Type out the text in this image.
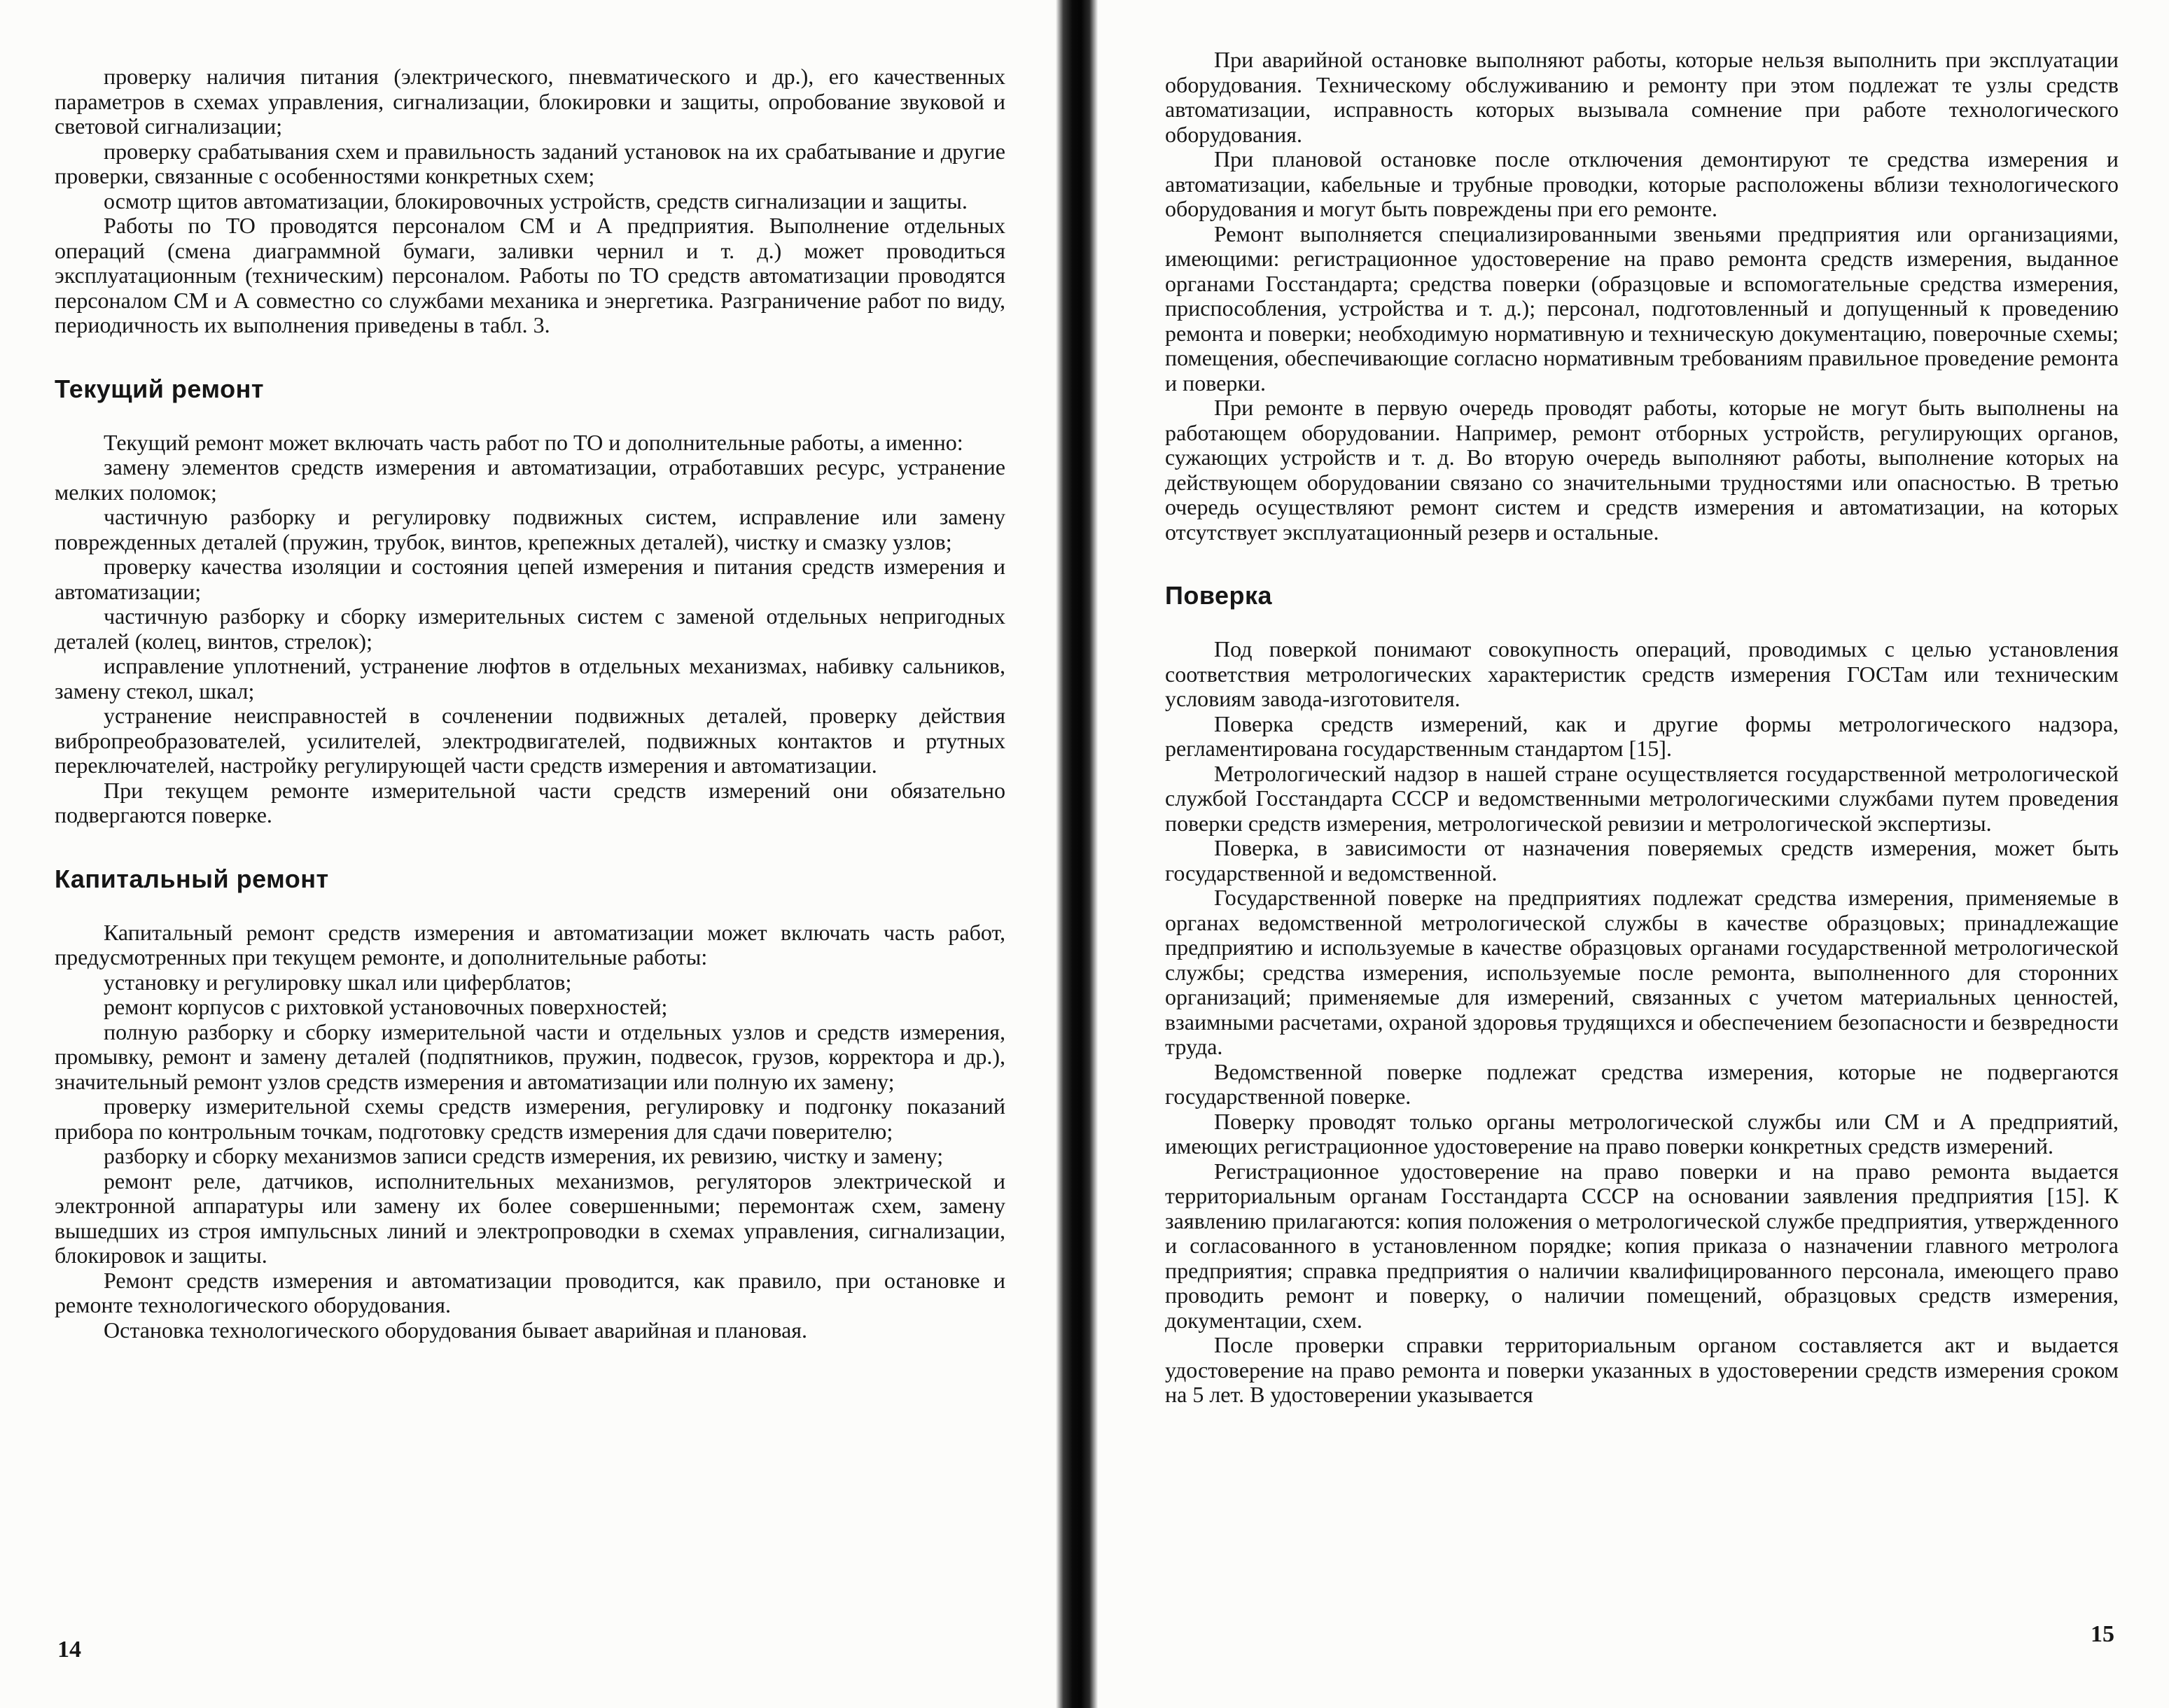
проверку наличия питания (электрического, пневматического и др.), его качественных параметров в схемах управления, сигнализации, блокировки и защиты, опробование звуковой и световой сигнализации;

проверку срабатывания схем и правильность заданий установок на их срабатывание и другие проверки, связанные с особенностями конкретных схем;

осмотр щитов автоматизации, блокировочных устройств, средств сигнализации и защиты.

Работы по ТО проводятся персоналом СМ и А предприятия. Выполнение отдельных операций (смена диаграммной бумаги, заливки чернил и т. д.) может проводиться эксплуатационным (техническим) персоналом. Работы по ТО средств автоматизации проводятся персоналом СМ и А совместно со службами механика и энергетика. Разграничение работ по виду, периодичность их выполнения приведены в табл. 3.

Текущий ремонт

Текущий ремонт может включать часть работ по ТО и дополнительные работы, а именно:

замену элементов средств измерения и автоматизации, отработавших ресурс, устранение мелких поломок;

частичную разборку и регулировку подвижных систем, исправление или замену поврежденных деталей (пружин, трубок, винтов, крепежных деталей), чистку и смазку узлов;

проверку качества изоляции и состояния цепей измерения и питания средств измерения и автоматизации;

частичную разборку и сборку измерительных систем с заменой отдельных непригодных деталей (колец, винтов, стрелок);

исправление уплотнений, устранение люфтов в отдельных механизмах, набивку сальников, замену стекол, шкал;

устранение неисправностей в сочленении подвижных деталей, проверку действия вибропреобразователей, усилителей, электродвигателей, подвижных контактов и ртутных переключателей, настройку регулирующей части средств измерения и автоматизации.

При текущем ремонте измерительной части средств измерений они обязательно подвергаются поверке.

Капитальный ремонт

Капитальный ремонт средств измерения и автоматизации может включать часть работ, предусмотренных при текущем ремонте, и дополнительные работы:

установку и регулировку шкал или циферблатов;

ремонт корпусов с рихтовкой установочных поверхностей;

полную разборку и сборку измерительной части и отдельных узлов и средств измерения, промывку, ремонт и замену деталей (подпятников, пружин, подвесок, грузов, корректора и др.), значительный ремонт узлов средств измерения и автоматизации или полную их замену;

проверку измерительной схемы средств измерения, регулировку и подгонку показаний прибора по контрольным точкам, подготовку средств измерения для сдачи поверителю;

разборку и сборку механизмов записи средств измерения, их ревизию, чистку и замену;

ремонт реле, датчиков, исполнительных механизмов, регуляторов электрической и электронной аппаратуры или замену их более совершенными; перемонтаж схем, замену вышедших из строя импульсных линий и электропроводки в схемах управления, сигнализации, блокировок и защиты.

Ремонт средств измерения и автоматизации проводится, как правило, при остановке и ремонте технологического оборудования.

Остановка технологического оборудования бывает аварийная и плановая.

14

При аварийной остановке выполняют работы, которые нельзя выполнить при эксплуатации оборудования. Техническому обслуживанию и ремонту при этом подлежат те узлы средств автоматизации, исправность которых вызывала сомнение при работе технологического оборудования.

При плановой остановке после отключения демонтируют те средства измерения и автоматизации, кабельные и трубные проводки, которые расположены вблизи технологического оборудования и могут быть повреждены при его ремонте.

Ремонт выполняется специализированными звеньями предприятия или организациями, имеющими: регистрационное удостоверение на право ремонта средств измерения, выданное органами Госстандарта; средства поверки (образцовые и вспомогательные средства измерения, приспособления, устройства и т. д.); персонал, подготовленный и допущенный к проведению ремонта и поверки; необходимую нормативную и техническую документацию, поверочные схемы; помещения, обеспечивающие согласно нормативным требованиям правильное проведение ремонта и поверки.

При ремонте в первую очередь проводят работы, которые не могут быть выполнены на работающем оборудовании. Например, ремонт отборных устройств, регулирующих органов, сужающих устройств и т. д. Во вторую очередь выполняют работы, выполнение которых на действующем оборудовании связано со значительными трудностями или опасностью. В третью очередь осуществляют ремонт систем и средств измерения и автоматизации, на которых отсутствует эксплуатационный резерв и остальные.

Поверка

Под поверкой понимают совокупность операций, проводимых с целью установления соответствия метрологических характеристик средств измерения ГОСТам или техническим условиям завода-изготовителя.

Поверка средств измерений, как и другие формы метрологического надзора, регламентирована государственным стандартом [15].

Метрологический надзор в нашей стране осуществляется государственной метрологической службой Госстандарта СССР и ведомственными метрологическими службами путем проведения поверки средств измерения, метрологической ревизии и метрологической экспертизы.

Поверка, в зависимости от назначения поверяемых средств измерения, может быть государственной и ведомственной.

Государственной поверке на предприятиях подлежат средства измерения, применяемые в органах ведомственной метрологической службы в качестве образцовых; принадлежащие предприятию и используемые в качестве образцовых органами государственной метрологической службы; средства измерения, используемые после ремонта, выполненного для сторонних организаций; применяемые для измерений, связанных с учетом материальных ценностей, взаимными расчетами, охраной здоровья трудящихся и обеспечением безопасности и безвредности труда.

Ведомственной поверке подлежат средства измерения, которые не подвергаются государственной поверке.

Поверку проводят только органы метрологической службы или СМ и А предприятий, имеющих регистрационное удостоверение на право поверки конкретных средств измерений.

Регистрационное удостоверение на право поверки и на право ремонта выдается территориальным органам Госстандарта СССР на основании заявления предприятия [15]. К заявлению прилагаются: копия положения о метрологической службе предприятия, утвержденного и согласованного в установленном порядке; копия приказа о назначении главного метролога предприятия; справка предприятия о наличии квалифицированного персонала, имеющего право проводить ремонт и поверку, о наличии помещений, образцовых средств измерения, документации, схем.

После проверки справки территориальным органом составляется акт и выдается удостоверение на право ремонта и поверки указанных в удостоверении средств измерения сроком на 5 лет. В удостоверении указывается

15
